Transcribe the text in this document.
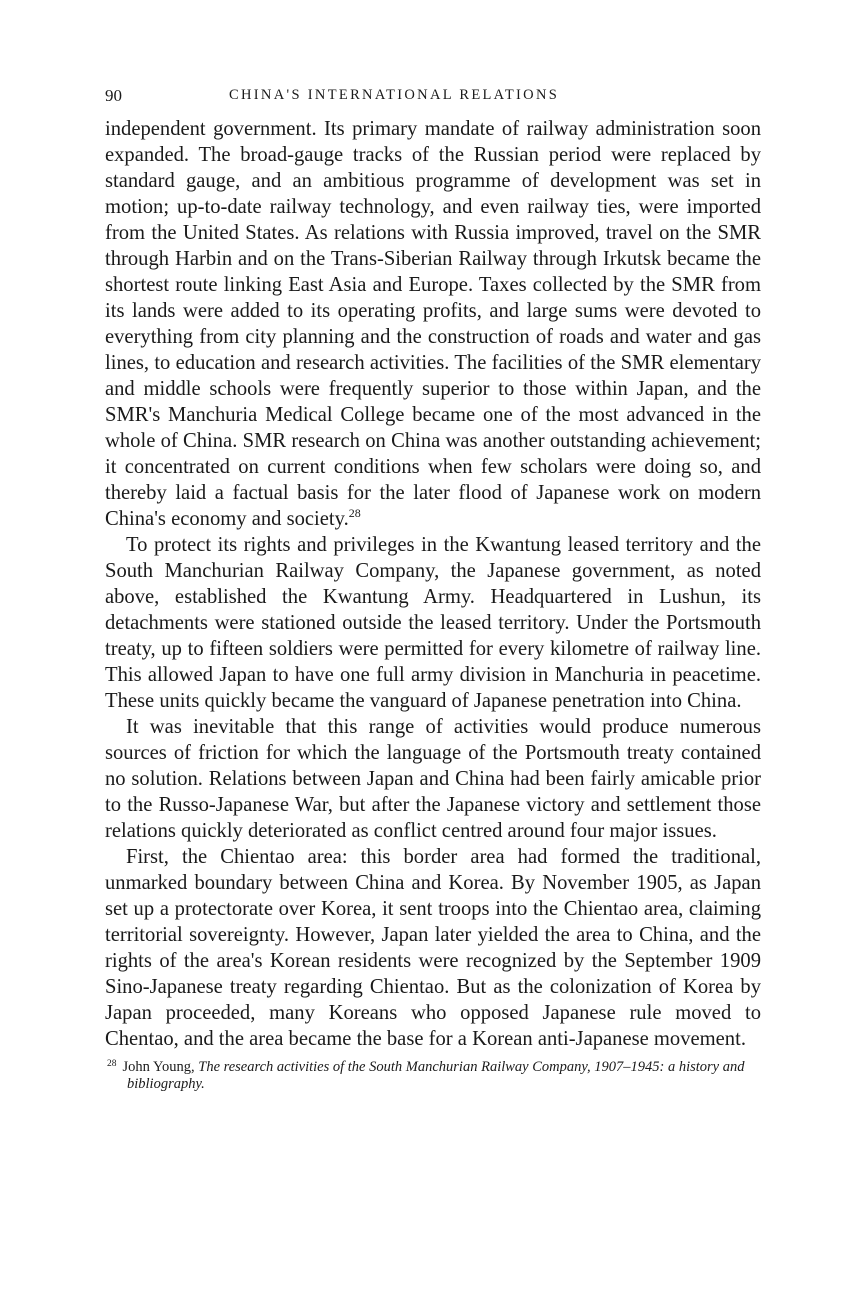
90	CHINA'S INTERNATIONAL RELATIONS

independent government. Its primary mandate of railway administration soon expanded. The broad-gauge tracks of the Russian period were replaced by standard gauge, and an ambitious programme of development was set in motion; up-to-date railway technology, and even railway ties, were imported from the United States. As relations with Russia improved, travel on the SMR through Harbin and on the Trans-Siberian Railway through Irkutsk became the shortest route linking East Asia and Europe. Taxes collected by the SMR from its lands were added to its operating profits, and large sums were devoted to everything from city planning and the construction of roads and water and gas lines, to education and research activities. The facilities of the SMR elementary and middle schools were frequently superior to those within Japan, and the SMR's Manchuria Medical College became one of the most advanced in the whole of China. SMR research on China was another outstanding achievement; it concentrated on current conditions when few scholars were doing so, and thereby laid a factual basis for the later flood of Japanese work on modern China's economy and society.$^{28}$

To protect its rights and privileges in the Kwantung leased territory and the South Manchurian Railway Company, the Japanese government, as noted above, established the Kwantung Army. Headquartered in Lushun, its detachments were stationed outside the leased territory. Under the Portsmouth treaty, up to fifteen soldiers were permitted for every kilometre of railway line. This allowed Japan to have one full army division in Manchuria in peacetime. These units quickly became the vanguard of Japanese penetration into China.

It was inevitable that this range of activities would produce numerous sources of friction for which the language of the Portsmouth treaty contained no solution. Relations between Japan and China had been fairly amicable prior to the Russo-Japanese War, but after the Japanese victory and settlement those relations quickly deteriorated as conflict centred around four major issues.

First, the Chientao area: this border area had formed the traditional, unmarked boundary between China and Korea. By November 1905, as Japan set up a protectorate over Korea, it sent troops into the Chientao area, claiming territorial sovereignty. However, Japan later yielded the area to China, and the rights of the area's Korean residents were recognized by the September 1909 Sino-Japanese treaty regarding Chientao. But as the colonization of Korea by Japan proceeded, many Koreans who opposed Japanese rule moved to Chentao, and the area became the base for a Korean anti-Japanese movement.

$^{28}$ John Young, The research activities of the South Manchurian Railway Company, 1907–1945: a history and bibliography.
